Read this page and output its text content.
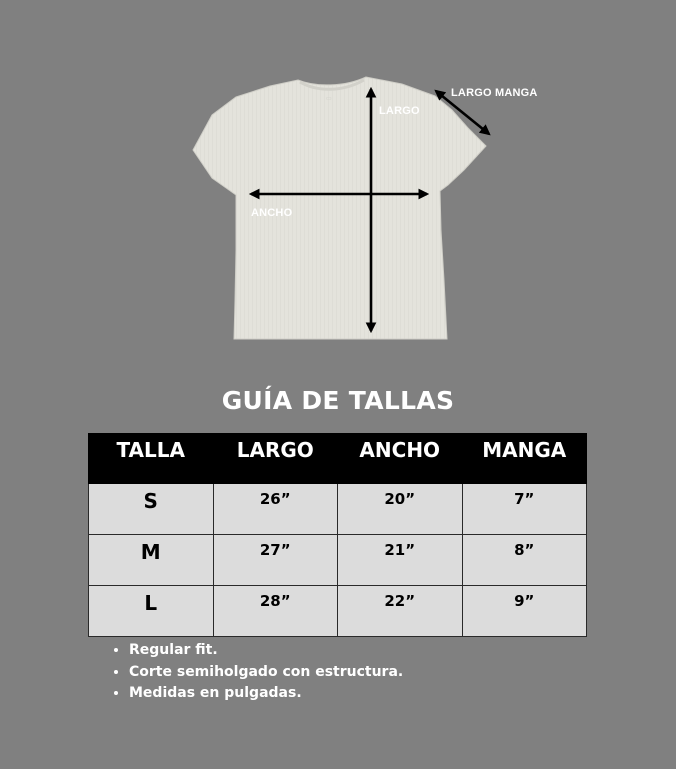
▭
LARGO
ANCHO
LARGO MANGA
GUÍA DE TALLAS
TALLA	LARGO	ANCHO	MANGA
S	26”	20”	7”
M	27”	21”	8”
L	28”	22”	9”
• Regular fit.
• Corte semiholgado con estructura.
• Medidas en pulgadas.
